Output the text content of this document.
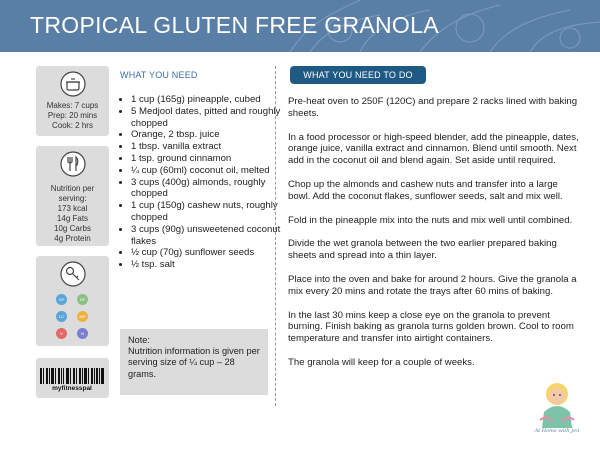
TROPICAL GLUTEN FREE GRANOLA
Makes: 7 cups
Prep: 20 mins
Cook: 2 hrs
Nutrition per serving:
173 kcal
14g Fats
10g Carbs
4g Protein
GF	DF
LC	MP
V	N
myfitnesspal
WHAT YOU NEED
• 1 cup (165g) pineapple, cubed
• 5 Medjool dates, pitted and roughly chopped
• Orange, 2 tbsp. juice
• 1 tbsp. vanilla extract
• 1 tsp. ground cinnamon
• ¼ cup (60ml) coconut oil, melted
• 3 cups (400g) almonds, roughly chopped
• 1 cup (150g) cashew nuts, roughly chopped
• 3 cups (90g) unsweetened coconut flakes
• ½ cup (70g) sunflower seeds
• ½ tsp. salt
Note:
Nutrition information is given per serving size of ¼ cup – 28 grams.
WHAT YOU NEED TO DO

Pre-heat oven to 250F (120C) and prepare 2 racks lined with baking sheets.

In a food processor or high-speed blender, add the pineapple, dates, orange juice, vanilla extract and cinnamon. Blend until smooth. Next add in the coconut oil and blend again. Set aside until required.

Chop up the almonds and cashew nuts and transfer into a large bowl. Add the coconut flakes, sunflower seeds, salt and mix well.

Fold in the pineapple mix into the nuts and mix well until combined.

Divide the wet granola between the two earlier prepared baking sheets and spread into a thin layer.

Place into the oven and bake for around 2 hours. Give the granola a mix every 20 mins and rotate the trays after 60 mins of baking.

In the last 30 mins keep a close eye on the granola to prevent burning. Finish baking as granola turns golden brown. Cool to room temperature and transfer into airtight containers.

The granola will keep for a couple of weeks.

At Home with Jen
